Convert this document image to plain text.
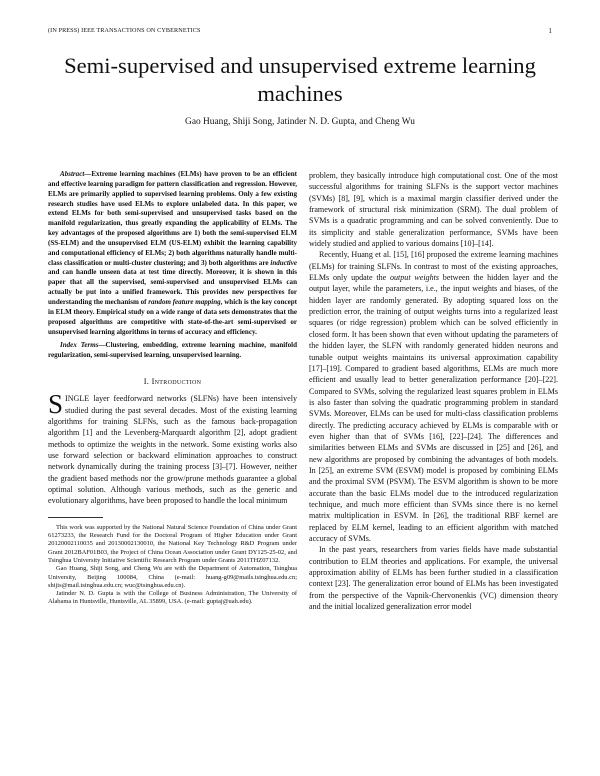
(IN PRESS) IEEE TRANSACTIONS ON CYBERNETICS	1
Semi-supervised and unsupervised extreme learning machines
Gao Huang, Shiji Song, Jatinder N. D. Gupta, and Cheng Wu

Abstract—Extreme learning machines (ELMs) have proven to be an efficient and effective learning paradigm for pattern classification and regression. However, ELMs are primarily applied to supervised learning problems. Only a few existing research studies have used ELMs to explore unlabeled data. In this paper, we extend ELMs for both semi-supervised and unsupervised tasks based on the manifold regularization, thus greatly expanding the applicability of ELMs. The key advantages of the proposed algorithms are 1) both the semi-supervised ELM (SS-ELM) and the unsupervised ELM (US-ELM) exhibit the learning capability and computational efficiency of ELMs; 2) both algorithms naturally handle multi-class classification or multi-cluster clustering; and 3) both algorithms are inductive and can handle unseen data at test time directly. Moreover, it is shown in this paper that all the supervised, semi-supervised and unsupervised ELMs can actually be put into a unified framework. This provides new perspectives for understanding the mechanism of random feature mapping, which is the key concept in ELM theory. Empirical study on a wide range of data sets demonstrates that the proposed algorithms are competitive with state-of-the-art semi-supervised or unsupervised learning algorithms in terms of accuracy and efficiency.

Index Terms—Clustering, embedding, extreme learning machine, manifold regularization, semi-supervised learning, unsupervised learning.

I. Introduction

SINGLE layer feedforward networks (SLFNs) have been intensively studied during the past several decades. Most of the existing learning algorithms for training SLFNs, such as the famous back-propagation algorithm [1] and the Levenberg-Marquardt algorithm [2], adopt gradient methods to optimize the weights in the network. Some existing works also use forward selection or backward elimination approaches to construct network dynamically during the training process [3]–[7]. However, neither the gradient based methods nor the grow/prune methods guarantee a global optimal solution. Although various methods, such as the generic and evolutionary algorithms, have been proposed to handle the local minimum

This work was supported by the National Natural Science Foundation of China under Grant 61273233, the Research Fund for the Doctoral Program of Higher Education under Grant 20120002110035 and 20130002130010, the National Key Technology R&D Program under Grant 2012BAF01B03, the Project of China Ocean Association under Grant DY125-25-02, and Tsinghua University Initiative Scientific Research Program under Grants 2011THZ07132.

Gao Huang, Shiji Song, and Cheng Wu are with the Department of Automation, Tsinghua University, Beijing 100084, China (e-mail: huang-g09@mails.tsinghua.edu.cn; shijis@mail.tsinghua.edu.cn; wuc@tsinghua.edu.cn).

Jatinder N. D. Gupta is with the College of Business Administration, The University of Alabama in Huntsville, Huntsville, AL 35899, USA. (e-mail: guptaj@uah.edu).

problem, they basically introduce high computational cost. One of the most successful algorithms for training SLFNs is the support vector machines (SVMs) [8], [9], which is a maximal margin classifier derived under the framework of structural risk minimization (SRM). The dual problem of SVMs is a quadratic programming and can be solved conveniently. Due to its simplicity and stable generalization performance, SVMs have been widely studied and applied to various domains [10]–[14].

Recently, Huang et al. [15], [16] proposed the extreme learning machines (ELMs) for training SLFNs. In contrast to most of the existing approaches, ELMs only update the output weights between the hidden layer and the output layer, while the parameters, i.e., the input weights and biases, of the hidden layer are randomly generated. By adopting squared loss on the prediction error, the training of output weights turns into a regularized least squares (or ridge regression) problem which can be solved efficiently in closed form. It has been shown that even without updating the parameters of the hidden layer, the SLFN with randomly generated hidden neurons and tunable output weights maintains its universal approximation capability [17]–[19]. Compared to gradient based algorithms, ELMs are much more efficient and usually lead to better generalization performance [20]–[22]. Compared to SVMs, solving the regularized least squares problem in ELMs is also faster than solving the quadratic programming problem in standard SVMs. Moreover, ELMs can be used for multi-class classification problems directly. The predicting accuracy achieved by ELMs is comparable with or even higher than that of SVMs [16], [22]–[24]. The differences and similarities between ELMs and SVMs are discussed in [25] and [26], and new algorithms are proposed by combining the advantages of both models. In [25], an extreme SVM (ESVM) model is proposed by combining ELMs and the proximal SVM (PSVM). The ESVM algorithm is shown to be more accurate than the basic ELMs model due to the introduced regularization technique, and much more efficient than SVMs since there is no kernel matrix multiplication in ESVM. In [26], the traditional RBF kernel are replaced by ELM kernel, leading to an efficient algorithm with matched accuracy of SVMs.

In the past years, researchers from varies fields have made substantial contribution to ELM theories and applications. For example, the universal approximation ability of ELMs has been further studied in a classification context [23]. The generalization error bound of ELMs has been investigated from the perspective of the Vapnik-Chervonenkis (VC) dimension theory and the initial localized generalization error model
